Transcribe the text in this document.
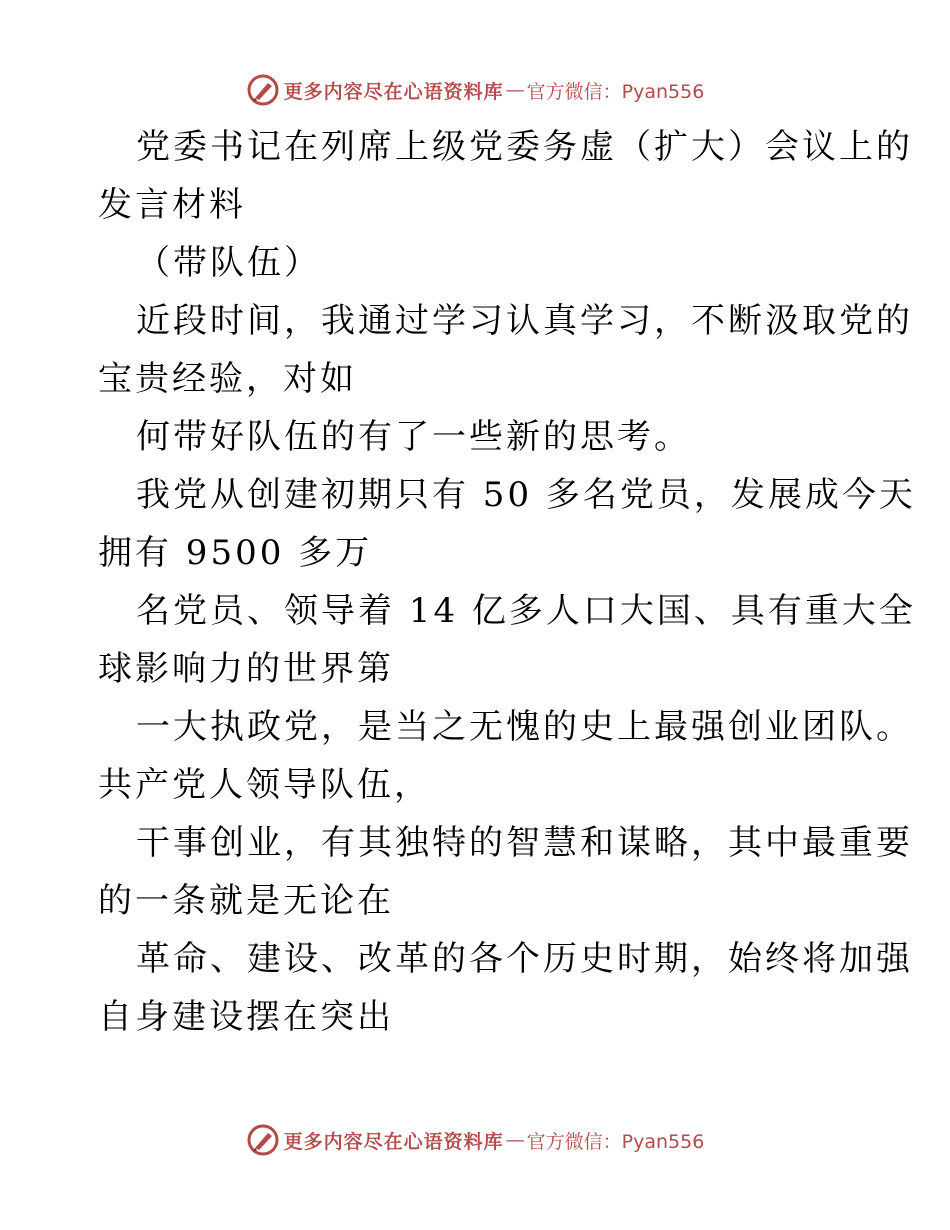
更多内容尽在心语资料库 — 官方微信：Pyan556
党委书记在列席上级党委务虚（扩大）会议上的
发言材料
（带队伍）
近段时间，我通过学习认真学习，不断汲取党的
宝贵经验，对如
何带好队伍的有了一些新的思考。
我党从创建初期只有 50 多名党员，发展成今天
拥有 9500 多万
名党员、领导着 14 亿多人口大国、具有重大全
球影响力的世界第
一大执政党，是当之无愧的史上最强创业团队。
共产党人领导队伍，
干事创业，有其独特的智慧和谋略，其中最重要
的一条就是无论在
革命、建设、改革的各个历史时期，始终将加强
自身建设摆在突出
更多内容尽在心语资料库 — 官方微信：Pyan556
